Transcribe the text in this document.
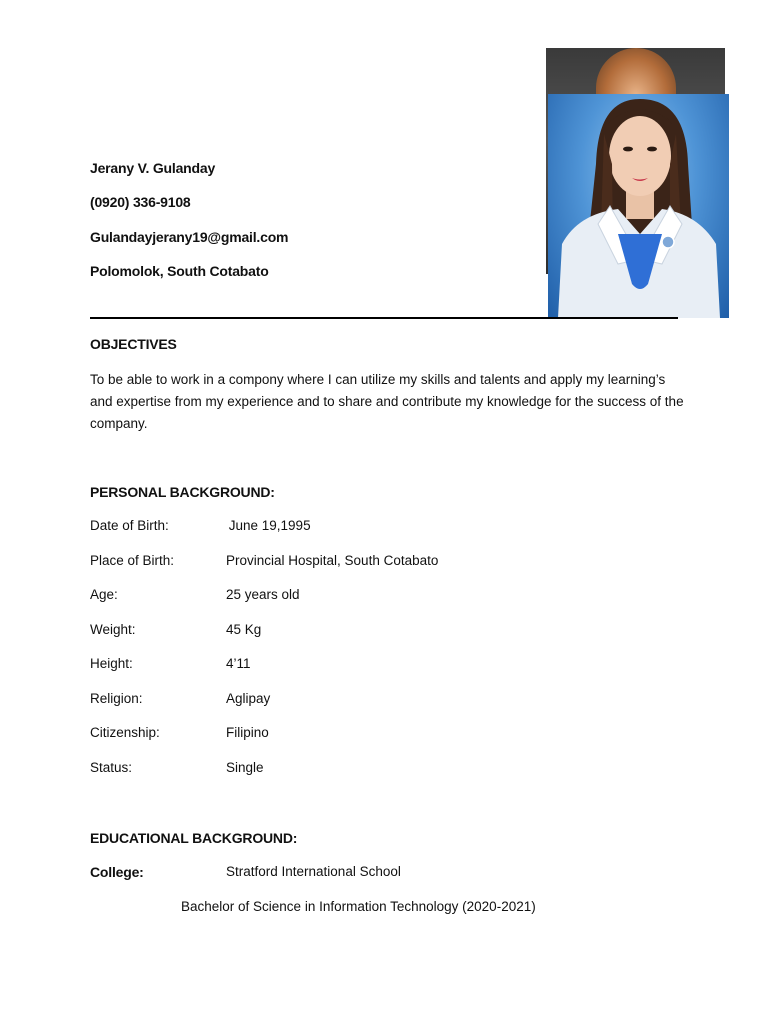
Jerany V. Gulanday
(0920) 336-9108
Gulandayjerany19@gmail.com
Polomolok, South Cotabato
OBJECTIVES
To be able to work in a compony where I can utilize my skills and talents and apply my learning’s and expertise from my experience and to share and contribute my knowledge for the success of the company.
PERSONAL BACKGROUND:
Date of Birth:	June 19,1995
Place of Birth:	Provincial Hospital, South Cotabato
Age:	25 years old
Weight:	45 Kg
Height:	4’11
Religion:	Aglipay
Citizenship:	Filipino
Status:	Single
EDUCATIONAL BACKGROUND:
College:	Stratford International School
Bachelor of Science in Information Technology (2020-2021)
